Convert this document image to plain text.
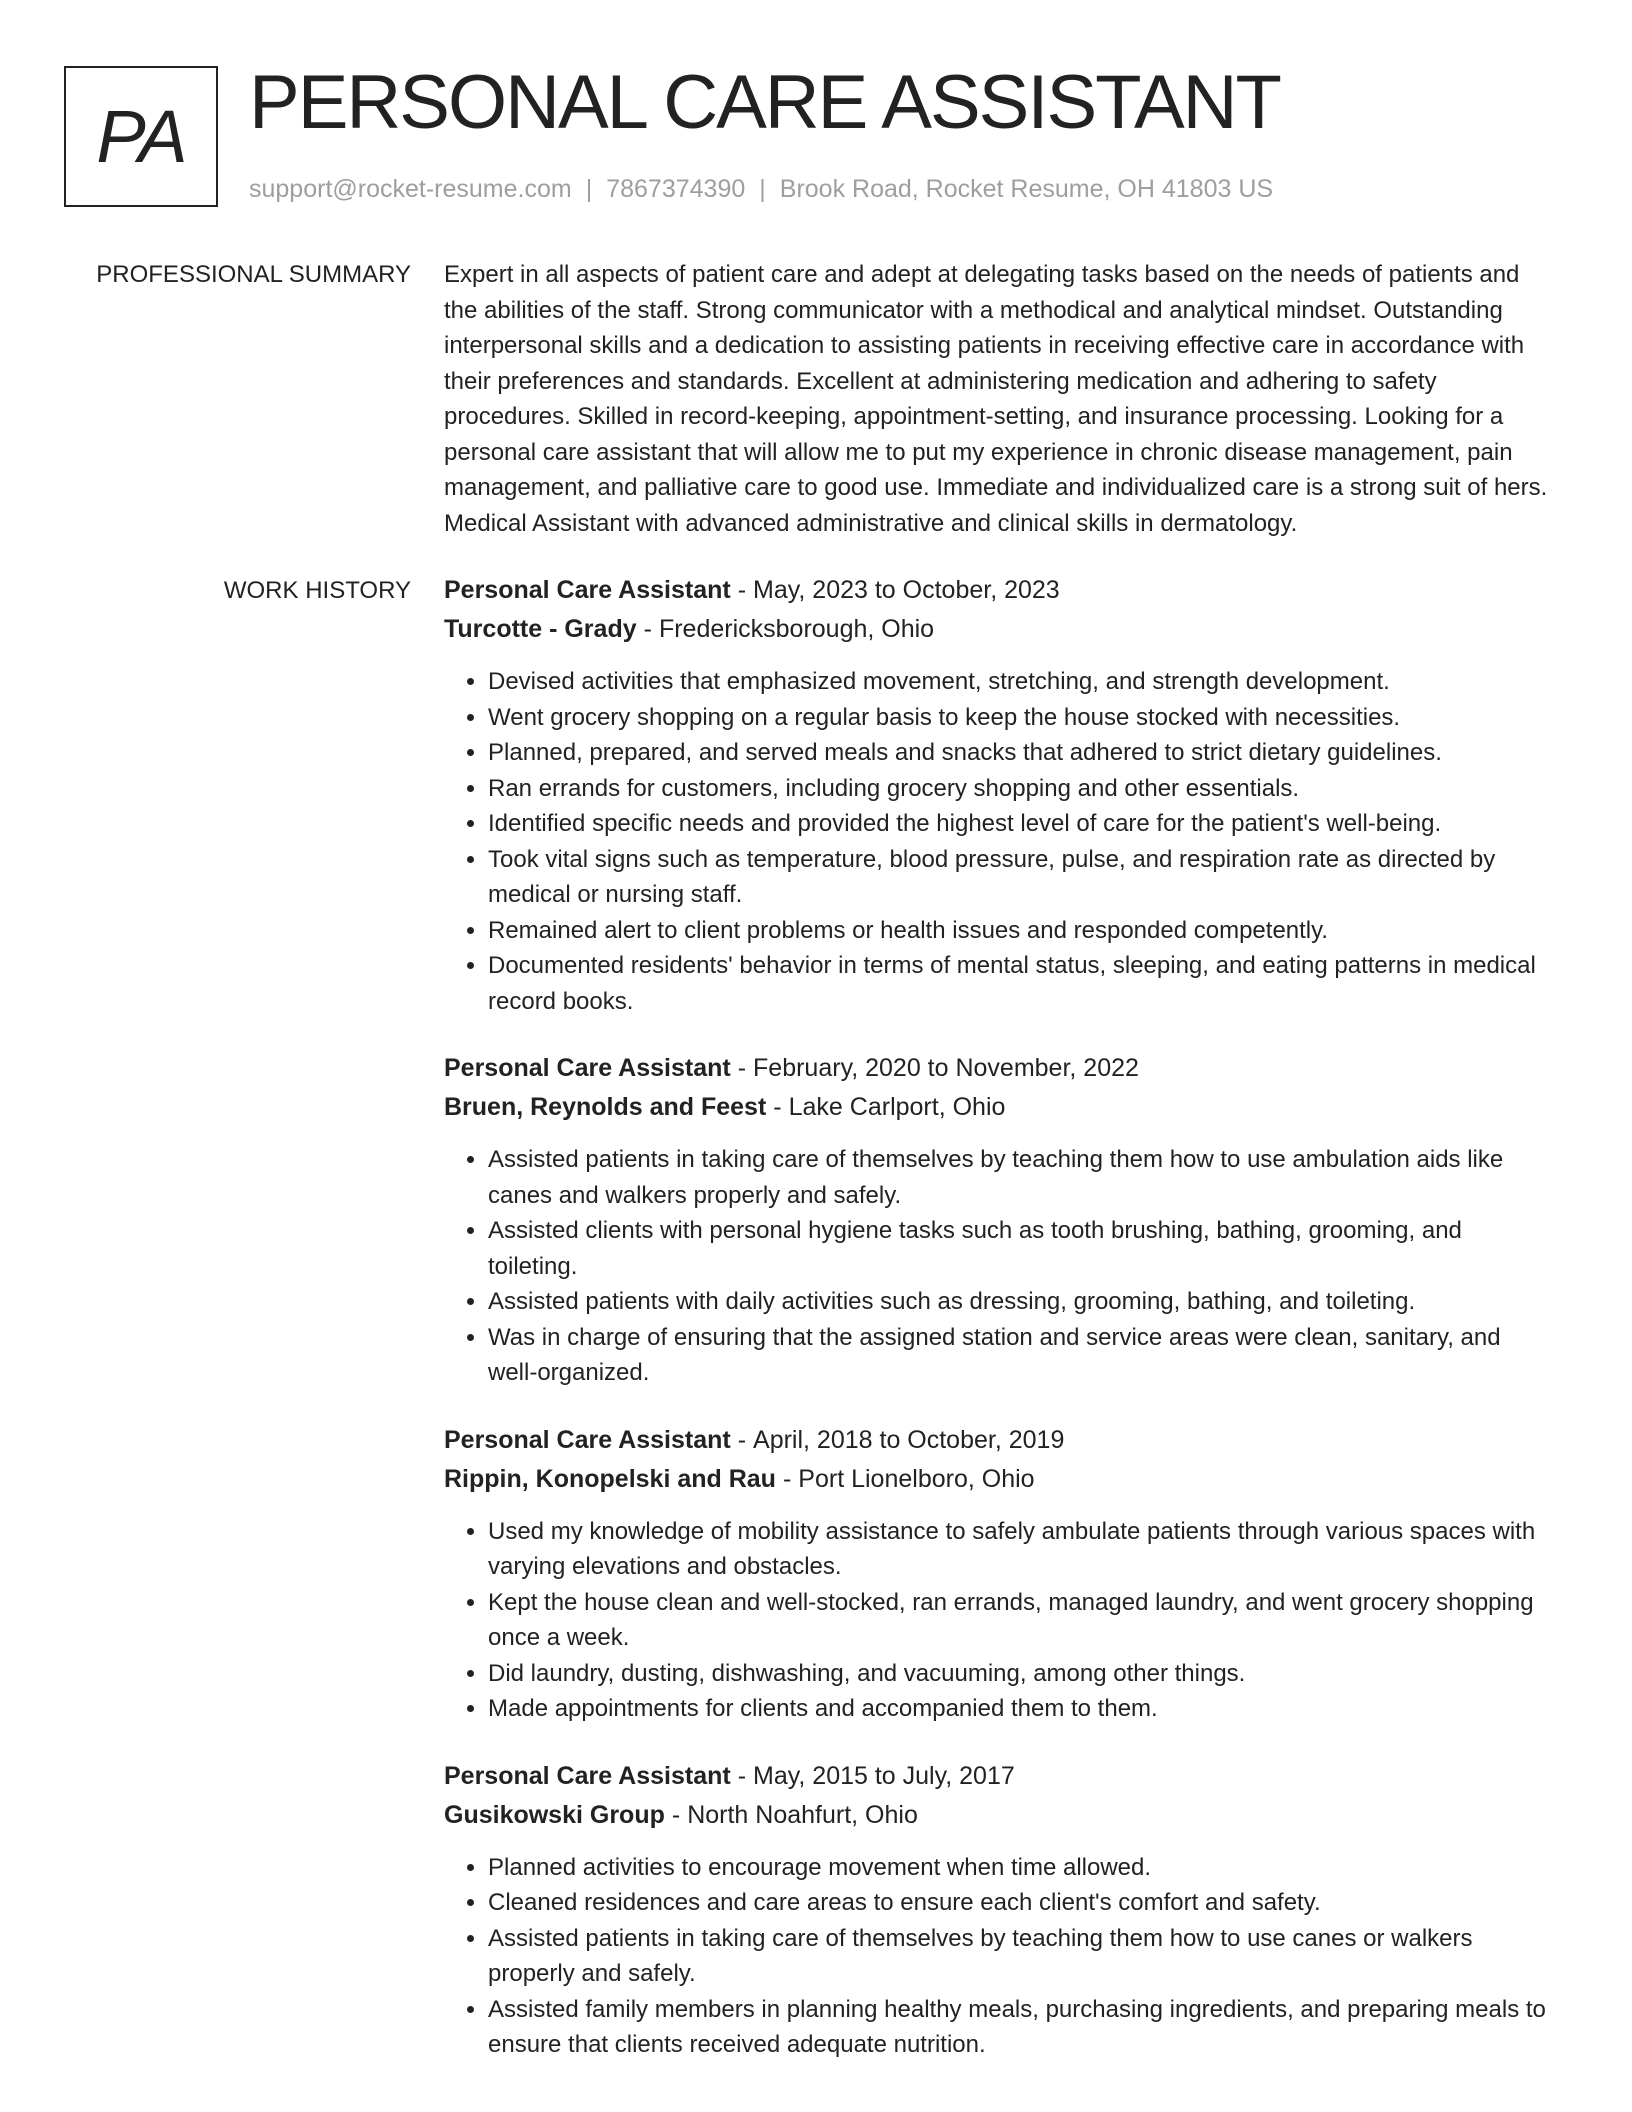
PA PERSONAL CARE ASSISTANT
support@rocket-resume.com | 7867374390 | Brook Road, Rocket Resume, OH 41803 US
PROFESSIONAL SUMMARY Expert in all aspects of patient care and adept at delegating tasks based on the needs of patients and the abilities of the staff. Strong communicator with a methodical and analytical mindset. Outstanding interpersonal skills and a dedication to assisting patients in receiving effective care in accordance with their preferences and standards. Excellent at administering medication and adhering to safety procedures. Skilled in record-keeping, appointment-setting, and insurance processing. Looking for a personal care assistant that will allow me to put my experience in chronic disease management, pain management, and palliative care to good use. Immediate and individualized care is a strong suit of hers. Medical Assistant with advanced administrative and clinical skills in dermatology.

WORK HISTORY Personal Care Assistant - May, 2023 to October, 2023
Turcotte - Grady - Fredericksborough, Ohio
• Devised activities that emphasized movement, stretching, and strength development.
• Went grocery shopping on a regular basis to keep the house stocked with necessities.
• Planned, prepared, and served meals and snacks that adhered to strict dietary guidelines.
• Ran errands for customers, including grocery shopping and other essentials.
• Identified specific needs and provided the highest level of care for the patient's well-being.
• Took vital signs such as temperature, blood pressure, pulse, and respiration rate as directed by medical or nursing staff.
• Remained alert to client problems or health issues and responded competently.
• Documented residents' behavior in terms of mental status, sleeping, and eating patterns in medical record books.
Personal Care Assistant - February, 2020 to November, 2022
Bruen, Reynolds and Feest - Lake Carlport, Ohio
• Assisted patients in taking care of themselves by teaching them how to use ambulation aids like canes and walkers properly and safely.
• Assisted clients with personal hygiene tasks such as tooth brushing, bathing, grooming, and toileting.
• Assisted patients with daily activities such as dressing, grooming, bathing, and toileting.
• Was in charge of ensuring that the assigned station and service areas were clean, sanitary, and well-organized.
Personal Care Assistant - April, 2018 to October, 2019
Rippin, Konopelski and Rau - Port Lionelboro, Ohio
• Used my knowledge of mobility assistance to safely ambulate patients through various spaces with varying elevations and obstacles.
• Kept the house clean and well-stocked, ran errands, managed laundry, and went grocery shopping once a week.
• Did laundry, dusting, dishwashing, and vacuuming, among other things.
• Made appointments for clients and accompanied them to them.
Personal Care Assistant - May, 2015 to July, 2017
Gusikowski Group - North Noahfurt, Ohio
• Planned activities to encourage movement when time allowed.
• Cleaned residences and care areas to ensure each client's comfort and safety.
• Assisted patients in taking care of themselves by teaching them how to use canes or walkers properly and safely.
• Assisted family members in planning healthy meals, purchasing ingredients, and preparing meals to ensure that clients received adequate nutrition.
